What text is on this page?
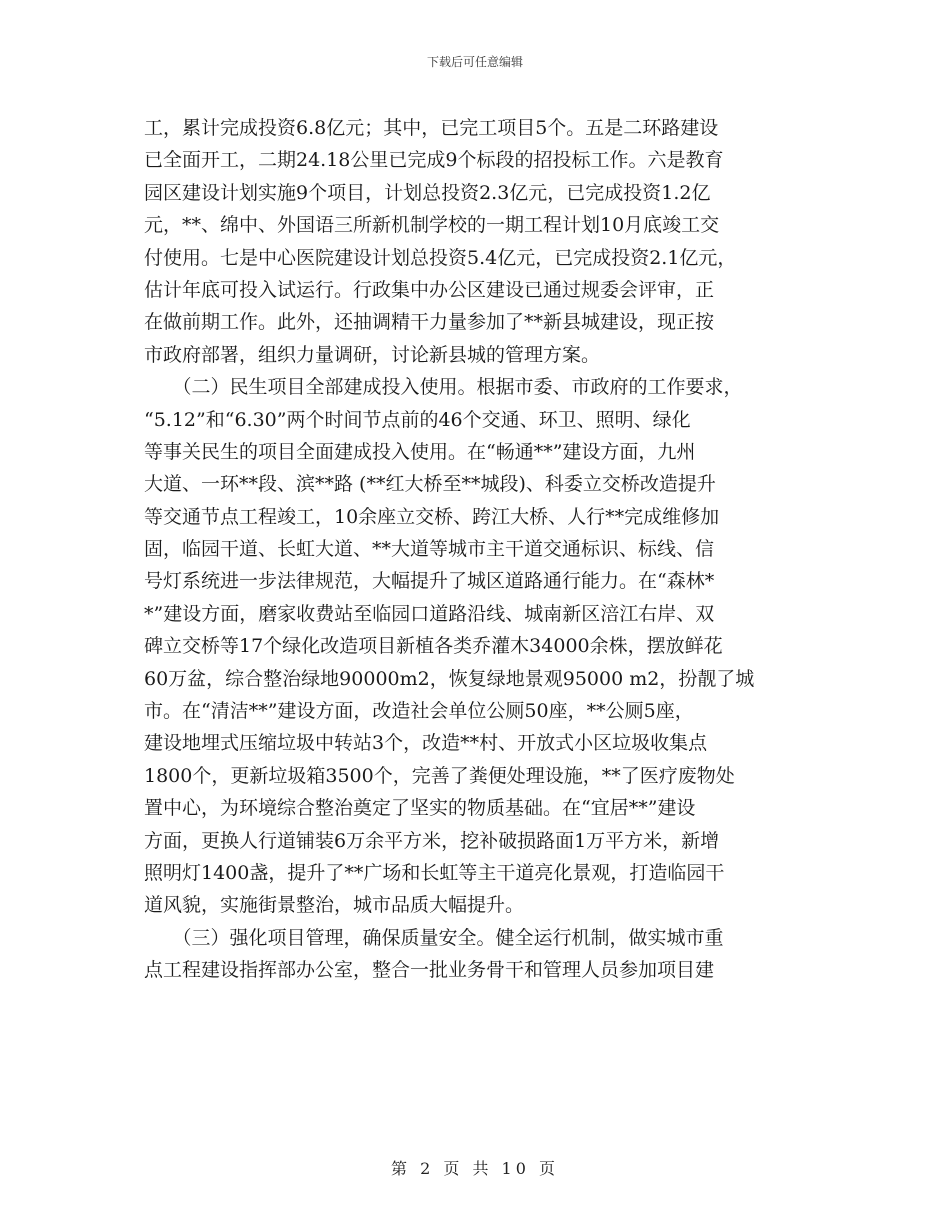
下载后可任意编辑
工，累计完成投资6.8亿元；其中，已完工项目5个。五是二环路建设
已全面开工，二期24.18公里已完成9个标段的招投标工作。六是教育
园区建设计划实施9个项目，计划总投资2.3亿元，已完成投资1.2亿
元，**、绵中、外国语三所新机制学校的一期工程计划10月底竣工交
付使用。七是中心医院建设计划总投资5.4亿元，已完成投资2.1亿元，
估计年底可投入试运行。行政集中办公区建设已通过规委会评审，正
在做前期工作。此外，还抽调精干力量参加了**新县城建设，现正按
市政府部署，组织力量调研，讨论新县城的管理方案。
　　（二）民生项目全部建成投入使用。根据市委、市政府的工作要求，
“5.12”和“6.30”两个时间节点前的46个交通、环卫、照明、绿化
等事关民生的项目全面建成投入使用。在“畅通**”建设方面，九州
大道、一环**段、滨**路 (**红大桥至**城段)、科委立交桥改造提升
等交通节点工程竣工，10余座立交桥、跨江大桥、人行**完成维修加
固，临园干道、长虹大道、**大道等城市主干道交通标识、标线、信
号灯系统进一步法律规范，大幅提升了城区道路通行能力。在“森林*
*”建设方面，磨家收费站至临园口道路沿线、城南新区涪江右岸、双
碑立交桥等17个绿化改造项目新植各类乔灌木34000余株，摆放鲜花
60万盆，综合整治绿地90000m2，恢复绿地景观95000 m2，扮靓了城
市。在“清洁**”建设方面，改造社会单位公厕50座，**公厕5座，
建设地埋式压缩垃圾中转站3个，改造**村、开放式小区垃圾收集点
1800个，更新垃圾箱3500个，完善了粪便处理设施，**了医疗废物处
置中心，为环境综合整治奠定了坚实的物质基础。在“宜居**”建设
方面，更换人行道铺装6万余平方米，挖补破损路面1万平方米，新增
照明灯1400盏，提升了**广场和长虹等主干道亮化景观，打造临园干
道风貌，实施街景整治，城市品质大幅提升。
　　（三）强化项目管理，确保质量安全。健全运行机制，做实城市重
点工程建设指挥部办公室，整合一批业务骨干和管理人员参加项目建
第 2 页 共 10 页
